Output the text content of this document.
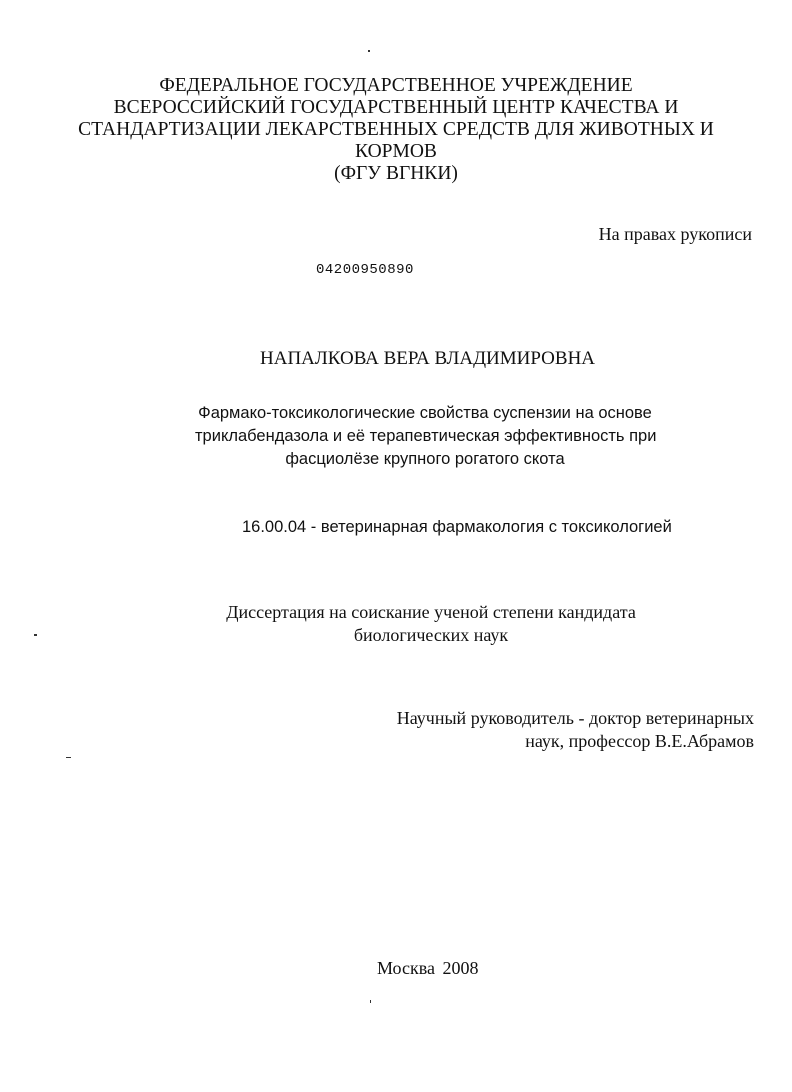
ФЕДЕРАЛЬНОЕ ГОСУДАРСТВЕННОЕ УЧРЕЖДЕНИЕ
ВСЕРОССИЙСКИЙ ГОСУДАРСТВЕННЫЙ ЦЕНТР КАЧЕСТВА И
СТАНДАРТИЗАЦИИ ЛЕКАРСТВЕННЫХ СРЕДСТВ ДЛЯ ЖИВОТНЫХ И
КОРМОВ
(ФГУ ВГНКИ)
На правах рукописи
04200950890
НАПАЛКОВА ВЕРА ВЛАДИМИРОВНА
Фармако-токсикологические свойства суспензии на основе
триклабендазола и её терапевтическая эффективность при
фасциолёзе крупного рогатого скота
16.00.04 - ветеринарная фармакология с токсикологией
Диссертация на соискание ученой степени кандидата
биологических наук
Научный руководитель - доктор ветеринарных
наук, профессор В.Е.Абрамов
Москва 2008
